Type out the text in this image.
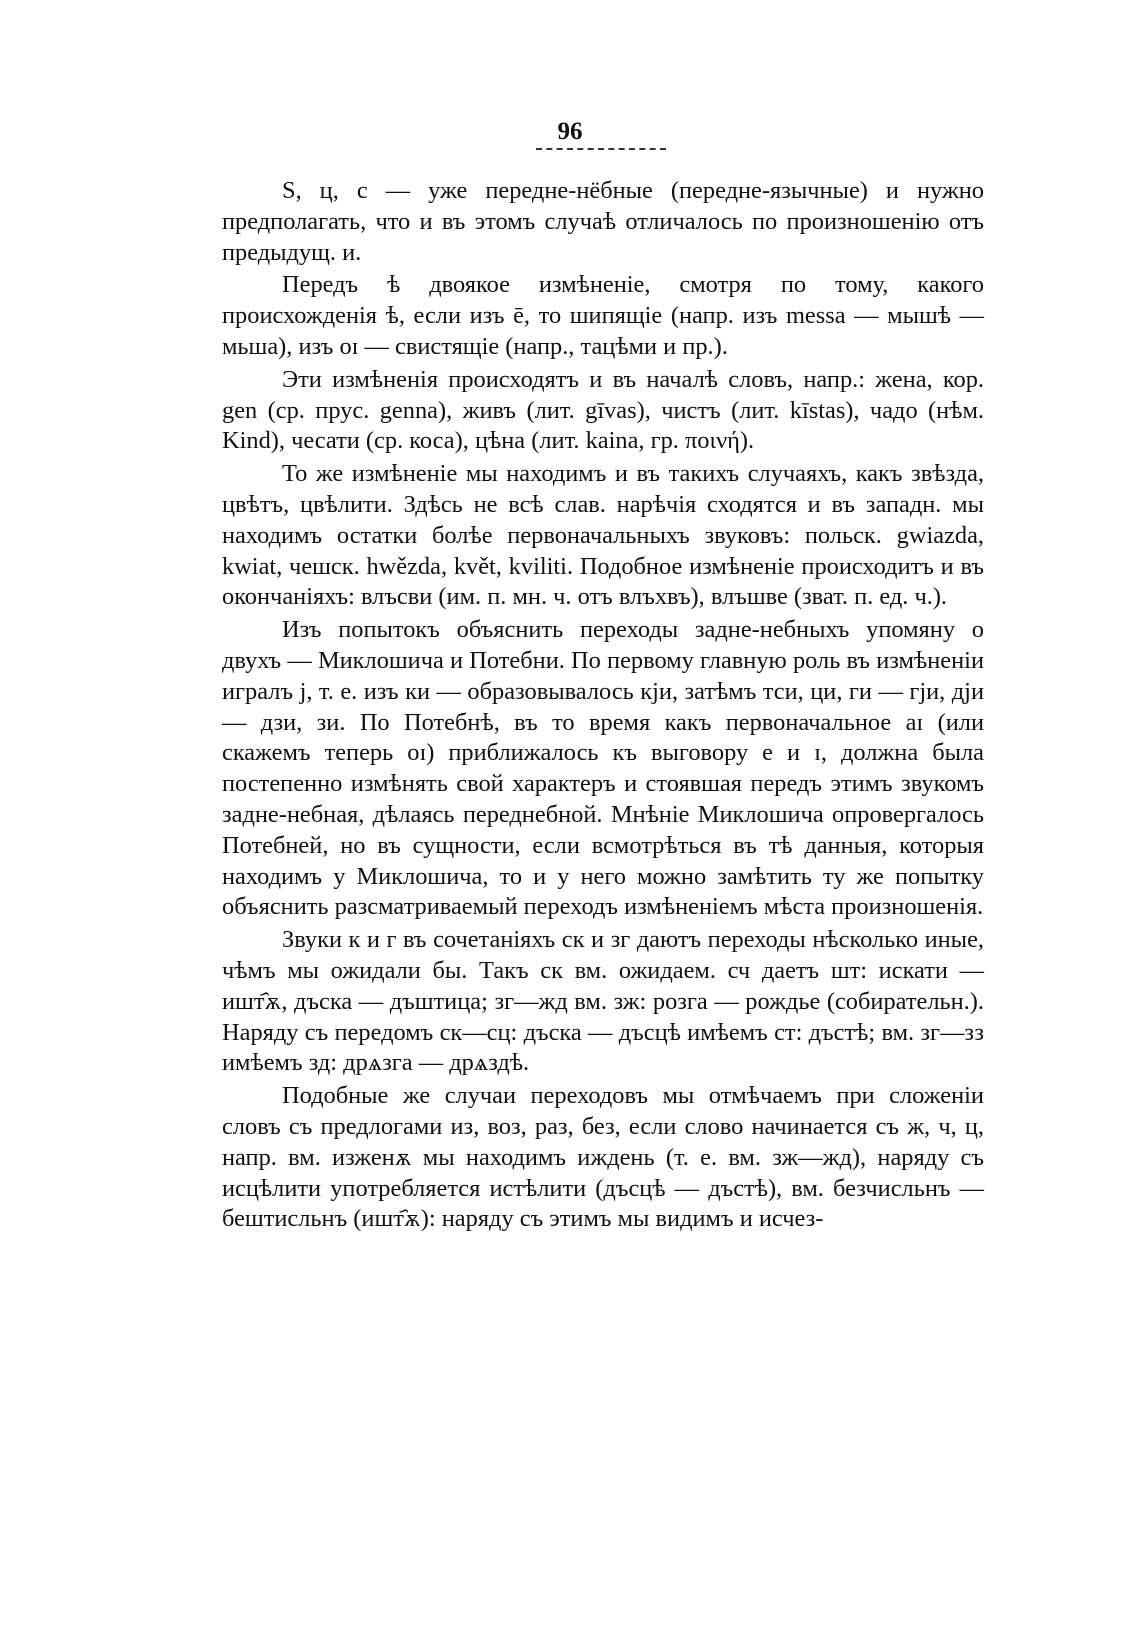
96

S, ц, с — уже передне-нёбные (передне-язычные) и нужно предполагать, что и въ этомъ случаѣ отличалось по произношенію отъ предыдущ. и.

Передъ ѣ двоякое измѣненіе, смотря по тому, какого происхожденія ѣ, если изъ ē, то шипящіе (напр. изъ messa — мышѣ — мьша), изъ oɪ — свистящіе (напр., тацѣми и пр.).

Эти измѣненія происходятъ и въ началѣ словъ, напр.: жена, кор. gen (ср. прус. genna), живъ (лит. gīvas), чистъ (лит. kīstas), чадо (нѣм. Kind), чесати (ср. коса), цѣна (лит. kaina, гр. ποινή).

То же измѣненіе мы находимъ и въ такихъ случаяхъ, какъ звѣзда, цвѣтъ, цвѣлити. Здѣсь не всѣ слав. нарѣчія сходятся и въ западн. мы находимъ остатки болѣе первоначальныхъ звуковъ: польск. gwiazda, kwiat, чешск. hwězda, květ, kviliti. Подобное измѣненіе происходитъ и въ окончаніяхъ: влъсви (им. п. мн. ч. отъ влъхвъ), влъшве (зват. п. ед. ч.).

Изъ попытокъ объяснить переходы задне-небныхъ упомяну о двухъ — Миклошича и Потебни. По первому главную роль въ измѣненіи игралъ j, т. е. изъ ки — образовывалось кjи, затѣмъ тси, ци, ги — гjи, дjи — дзи, зи. По Потебнѣ, въ то время какъ первоначальное aɪ (или скажемъ теперь oɪ) приближалось къ выговору e и ɪ, должна была постепенно измѣнять свой характеръ и стоявшая передъ этимъ звукомъ задне-небная, дѣлаясь переднебной. Мнѣніе Миклошича опровергалось Потебней, но въ сущности, если всмотрѣться въ тѣ данныя, которыя находимъ у Миклошича, то и у него можно замѣтить ту же попытку объяснить разсматриваемый переходъ измѣненіемъ мѣста произношенія.

Звуки к и г въ сочетаніяхъ ск и зг даютъ переходы нѣсколько иные, чѣмъ мы ожидали бы. Такъ ск вм. ожидаем. сч даетъ шт: искати — ишт҄ѫ, дъска — дъштица; зг—жд вм. зж: розга — рождье (собирательн.). Наряду съ передомъ ск—сц: дъска — дъсцѣ имѣемъ ст: дъстѣ; вм. зг—зз имѣемъ зд: дрѧзга — дрѧздѣ.

Подобные же случаи переходовъ мы отмѣчаемъ при сложеніи словъ съ предлогами из, воз, раз, без, если слово начинается съ ж, ч, ц, напр. вм. изженѫ мы находимъ иждень (т. е. вм. зж—жд), наряду съ исцѣлити употребляется истѣлити (дъсцѣ — дъстѣ), вм. безчисльнъ — бештисльнъ (ишт҄ѫ): наряду съ этимъ мы видимъ и исчез-
